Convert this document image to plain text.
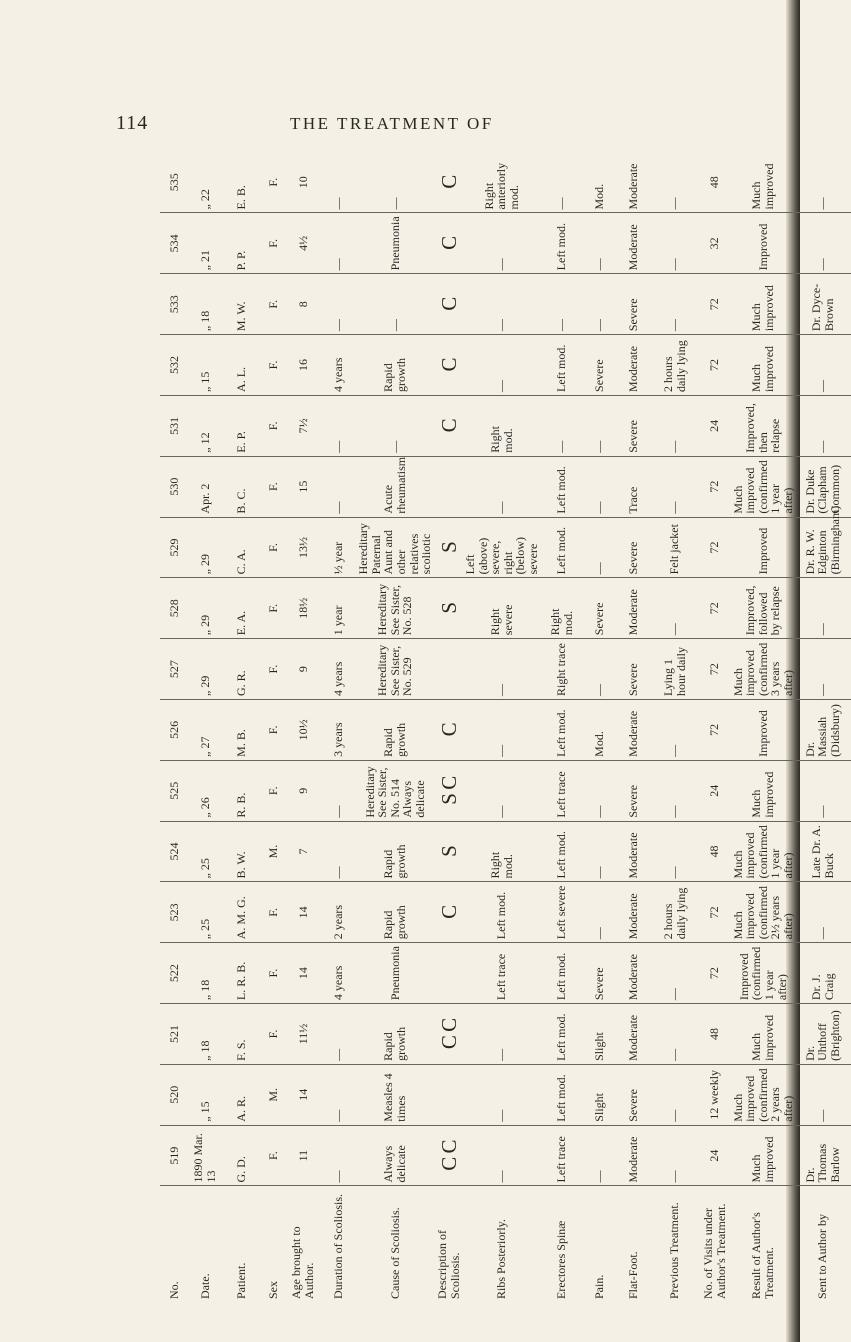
114	THE TREATMENT OF
No.	519	520	521	522	523	524	525	526	527	528	529	530	531	532	533	534	535
Date.	1890 Mar. 13	„ 15	„ 18	„ 18	„ 25	„ 25	„ 26	„ 27	„ 29	„ 29	„ 29	Apr. 2	„ 12	„ 15	„ 18	„ 21	„ 22
Patient.	G. D.	A. R.	F. S.	L. R. B.	A. M. G.	B. W.	R. B.	M. B.	G. R.	E. A.	C. A.	B. C.	E. P.	A. L.	M. W.	P. P.	E. B.
Sex	F.	M.	F.	F.	F.	M.	F.	F.	F.	F.	F.	F.	F.	F.	F.	F.	F.
Age brought to Author.	11	14	11½	14	14	7	9	10½	9	18½	13½	15	7½	16	8	4½	10
Duration of Scoliosis.	—	—	—	4 years	2 years	—	—	3 years	4 years	1 year	½ year	—	—	4 years	—	—	—
Cause of Scoliosis.	Always delicate	Measles 4 times	Rapid growth	Pneumonia	Rapid growth	Rapid growth	Hereditary See Sister, No. 514 Always delicate	Rapid growth	Hereditary See Sister, No. 529	Hereditary See Sister, No. 528	Hereditary Paternal Aunt and other relatives scoliotic	Acute rheumatism	—	Rapid growth	—	Pneumonia	—
Description of Scoliosis.	C C		C C		C	S	S C	C		S	S		C	C	C	C	C
Ribs Posteriorly.	—	—	—	Left trace	Left mod.	Right mod.	—	—	—	Right severe	Left (above) severe, right (below) severe	—	Right mod.	—	—	—	Right anteriorly mod.
Erectores Spinæ	Left trace	Left mod.	Left mod.	Left mod.	Left severe	Left mod.	Left trace	Left mod.	Right trace	Right mod.	Left mod.	Left mod.	—	Left mod.	—	Left mod.	—
Pain.	—	Slight	Slight	Severe	—	—	—	Mod.	—	Severe	—	—	—	Severe	—	—	Mod.
Flat-Foot.	Moderate	Severe	Moderate	Moderate	Moderate	Moderate	Severe	Moderate	Severe	Moderate	Severe	Trace	Severe	Moderate	Severe	Moderate	Moderate
Previous Treatment.	—	—	—	—	2 hours daily lying	—	—	—	Lying 1 hour daily	—	Felt jacket	—	—	2 hours daily lying	—	—	—
No. of Visits under Author's Treatment.	24	12 weekly	48	72	72	48	24	72	72	72	72	72	24	72	72	32	48
Result of Author's Treatment.	Much improved	Much improved (confirmed 2 years after)	Much improved	Improved (confirmed 1 year after)	Much improved (confirmed 2½ years after)	Much improved (confirmed 1 year after)	Much improved	Improved	Much improved (confirmed 3 years after)	Improved, followed by relapse	Improved	Much improved (confirmed 1 year after)	Improved, then relapse	Much improved	Much improved	Improved	Much improved
Sent to Author by	Dr. Thomas Barlow	—	Dr. Uhthoff (Brighton)	Dr. J. Craig	—	Late Dr. A. Buck	—	Dr. Massiah (Didsbury)	—	—	Dr. R. W. Edginton (Birmingham)	Dr. Duke (Clapham Common)	—	—	Dr. Dyce-Brown	—	—
